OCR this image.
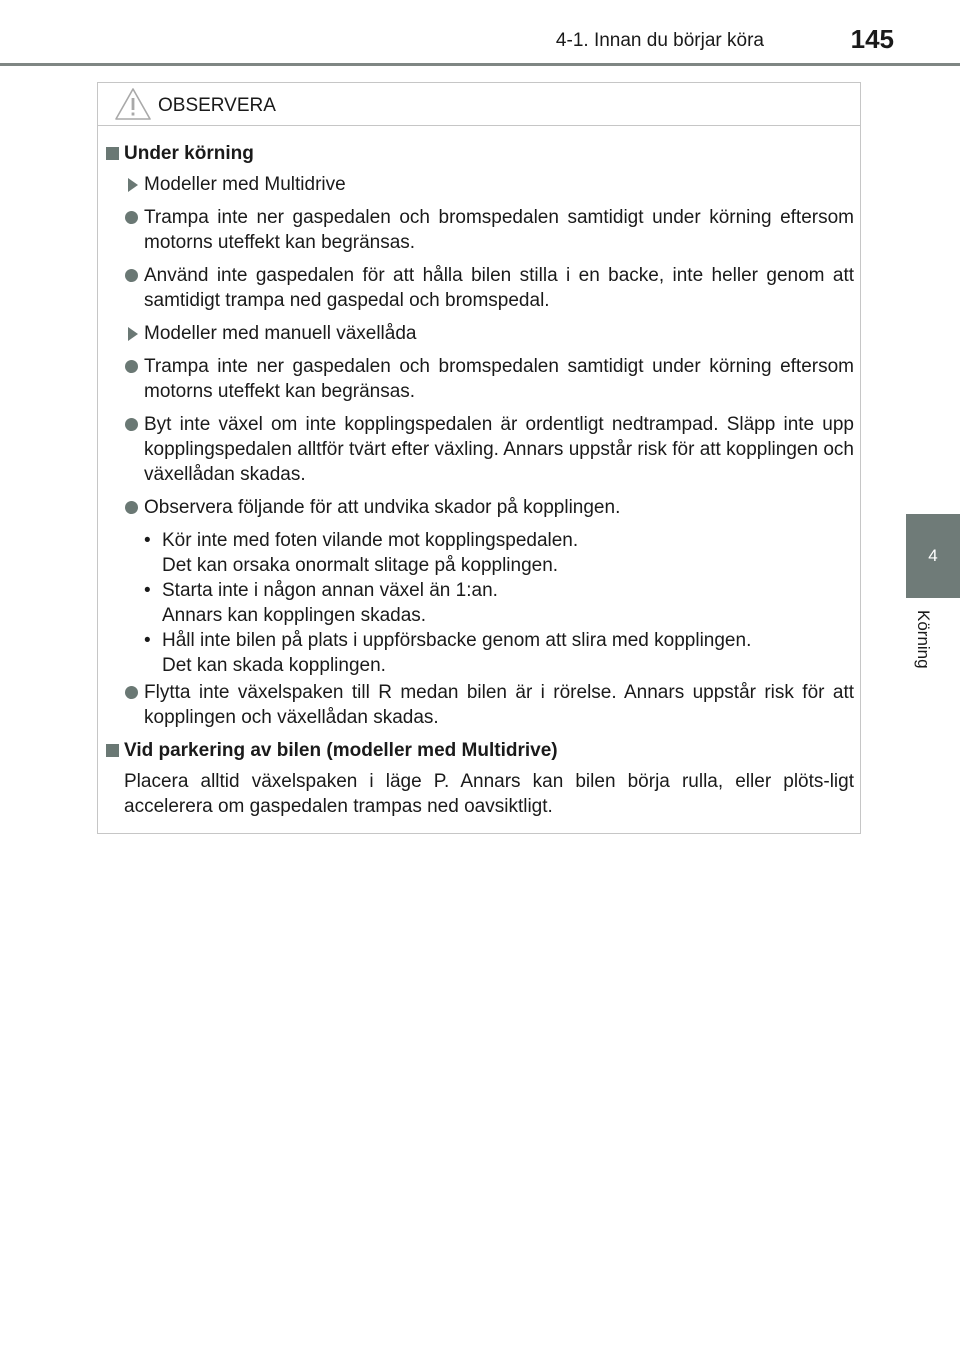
4-1. Innan du börjar köra	145
4
Körning
OBSERVERA
Under körning
Modeller med Multidrive
Trampa inte ner gaspedalen och bromspedalen samtidigt under körning eftersom motorns uteffekt kan begränsas.
Använd inte gaspedalen för att hålla bilen stilla i en backe, inte heller genom att samtidigt trampa ned gaspedal och bromspedal.
Modeller med manuell växellåda
Trampa inte ner gaspedalen och bromspedalen samtidigt under körning eftersom motorns uteffekt kan begränsas.
Byt inte växel om inte kopplingspedalen är ordentligt nedtrampad. Släpp inte upp kopplingspedalen alltför tvärt efter växling. Annars uppstår risk för att kopplingen och växellådan skadas.
Observera följande för att undvika skador på kopplingen.
• Kör inte med foten vilande mot kopplingspedalen.
Det kan orsaka onormalt slitage på kopplingen.
• Starta inte i någon annan växel än 1:an.
Annars kan kopplingen skadas.
• Håll inte bilen på plats i uppförsbacke genom att slira med kopplingen.
Det kan skada kopplingen.
Flytta inte växelspaken till R medan bilen är i rörelse. Annars uppstår risk för att kopplingen och växellådan skadas.
Vid parkering av bilen (modeller med Multidrive)
Placera alltid växelspaken i läge P. Annars kan bilen börja rulla, eller plöts-ligt accelerera om gaspedalen trampas ned oavsiktligt.
